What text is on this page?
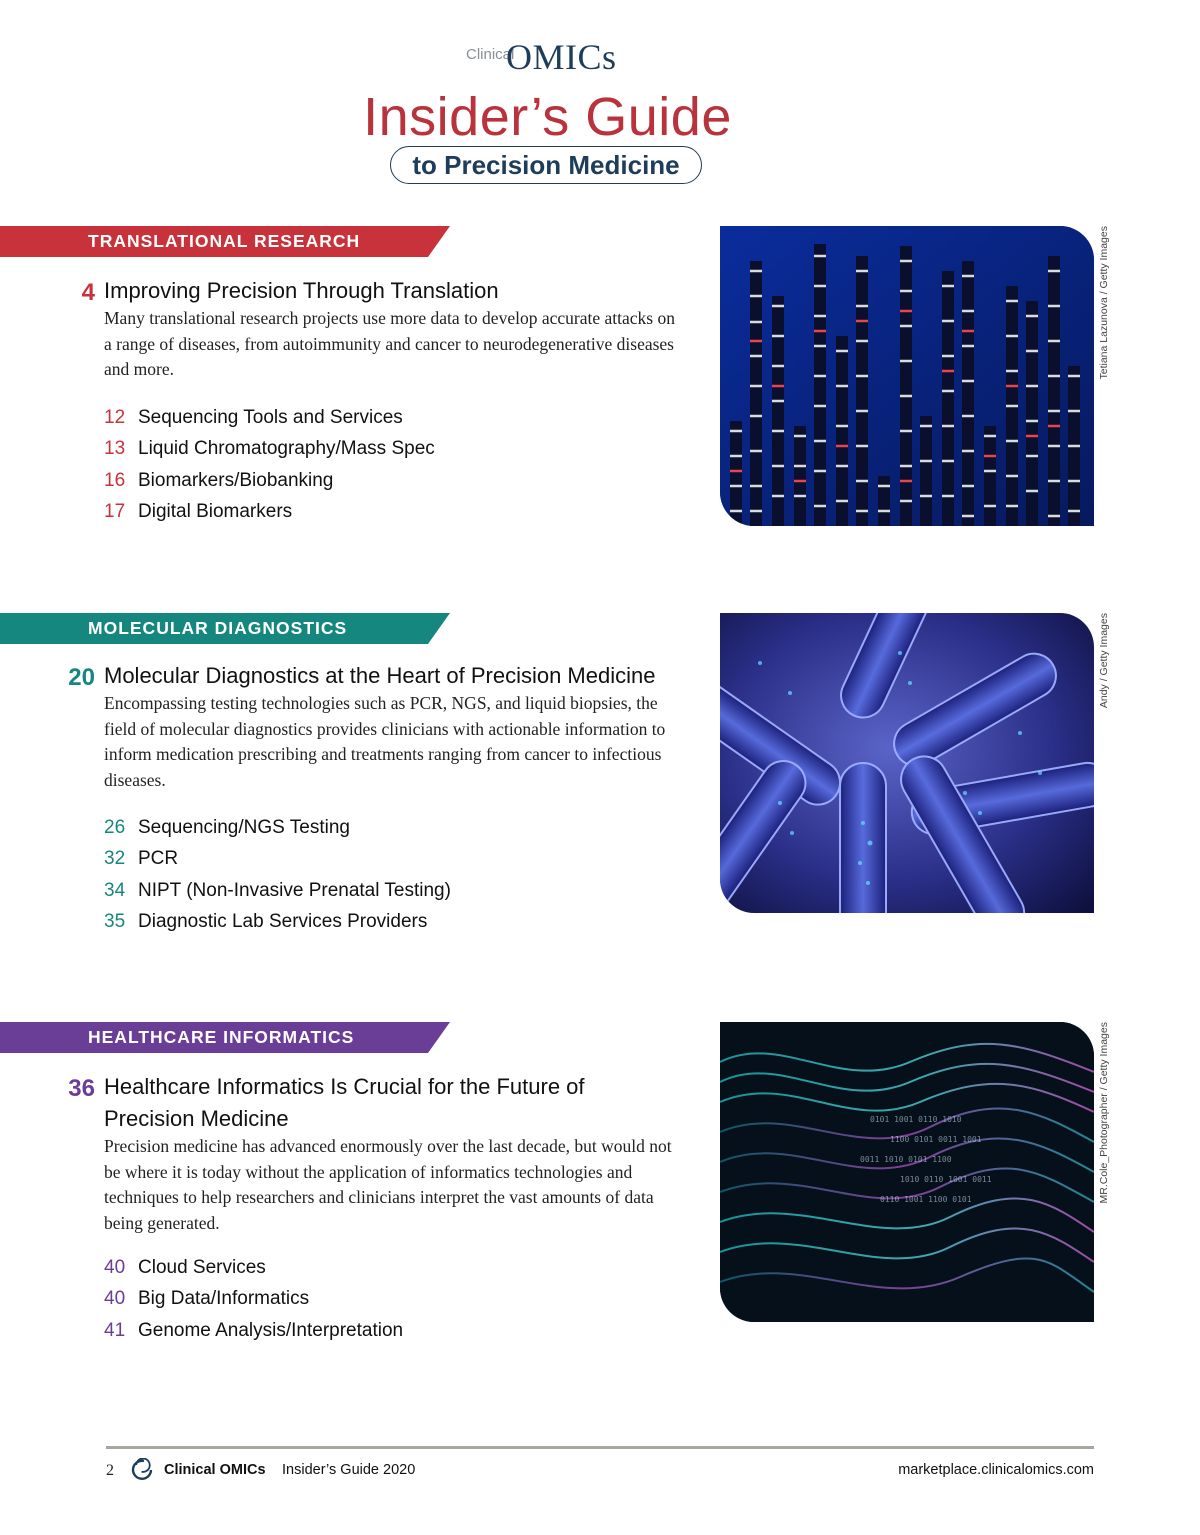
Clinical
OMICs
Insider’s Guide
to Precision Medicine
TRANSLATIONAL RESEARCH
4 Improving Precision Through Translation
Many translational research projects use more data to develop accurate attacks on a range of diseases, from autoimmunity and cancer to neurodegenerative diseases and more.
12 Sequencing Tools and Services
13 Liquid Chromatography/Mass Spec
16 Biomarkers/Biobanking
17 Digital Biomarkers
Tetiana Lazunova / Getty Images
MOLECULAR DIAGNOSTICS
20 Molecular Diagnostics at the Heart of Precision Medicine
Encompassing testing technologies such as PCR, NGS, and liquid biopsies, the field of molecular diagnostics provides clinicians with actionable information to inform medication prescribing and treatments ranging from cancer to infectious diseases.
26 Sequencing/NGS Testing
32 PCR
34 NIPT (Non-Invasive Prenatal Testing)
35 Diagnostic Lab Services Providers
Andy / Getty Images
HEALTHCARE INFORMATICS
36 Healthcare Informatics Is Crucial for the Future of
Precision Medicine
Precision medicine has advanced enormously over the last decade, but would not be where it is today without the application of informatics technologies and techniques to help researchers and clinicians interpret the vast amounts of data being generated.
40 Cloud Services
40 Big Data/Informatics
41 Genome Analysis/Interpretation
0101 1001 0110 1010
1100 0101 0011 1001
0011 1010 0101 1100
1010 0110 1001 0011
0110 1001 1100 0101	MR.Cole_Photographer / Getty Images
2	Clinical OMICs Insider’s Guide 2020	marketplace.clinicalomics.com
